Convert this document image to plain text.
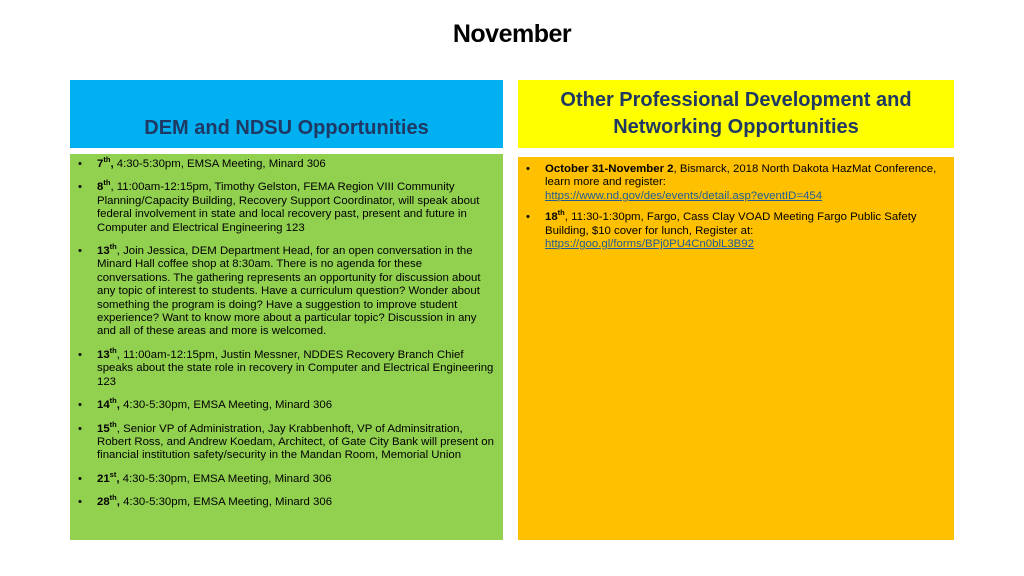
November
DEM and NDSU Opportunities
Other Professional Development and Networking Opportunities
• 7th, 4:30-5:30pm, EMSA Meeting, Minard 306
• 8th, 11:00am-12:15pm, Timothy Gelston, FEMA Region VIII Community Planning/Capacity Building, Recovery Support Coordinator, will speak about federal involvement in state and local recovery past, present and future in Computer and Electrical Engineering 123
• 13th, Join Jessica, DEM Department Head, for an open conversation in the Minard Hall coffee shop at 8:30am. There is no agenda for these conversations. The gathering represents an opportunity for discussion about any topic of interest to students. Have a curriculum question? Wonder about something the program is doing? Have a suggestion to improve student experience? Want to know more about a particular topic? Discussion in any and all of these areas and more is welcomed.
• 13th, 11:00am-12:15pm, Justin Messner, NDDES Recovery Branch Chief speaks about the state role in recovery in Computer and Electrical Engineering 123
• 14th, 4:30-5:30pm, EMSA Meeting, Minard 306
• 15th, Senior VP of Administration, Jay Krabbenhoft, VP of Adminsitration, Robert Ross, and Andrew Koedam, Architect, of Gate City Bank will present on financial institution safety/security in the Mandan Room, Memorial Union
• 21st, 4:30-5:30pm, EMSA Meeting, Minard 306
• 28th, 4:30-5:30pm, EMSA Meeting, Minard 306
• October 31-November 2, Bismarck, 2018 North Dakota HazMat Conference, learn more and register:
https://www.nd.gov/des/events/detail.asp?eventID=454
• 18th, 11:30-1:30pm, Fargo, Cass Clay VOAD Meeting Fargo Public Safety Building, $10 cover for lunch, Register at:
https://goo.gl/forms/BPj0PU4Cn0blL3B92
